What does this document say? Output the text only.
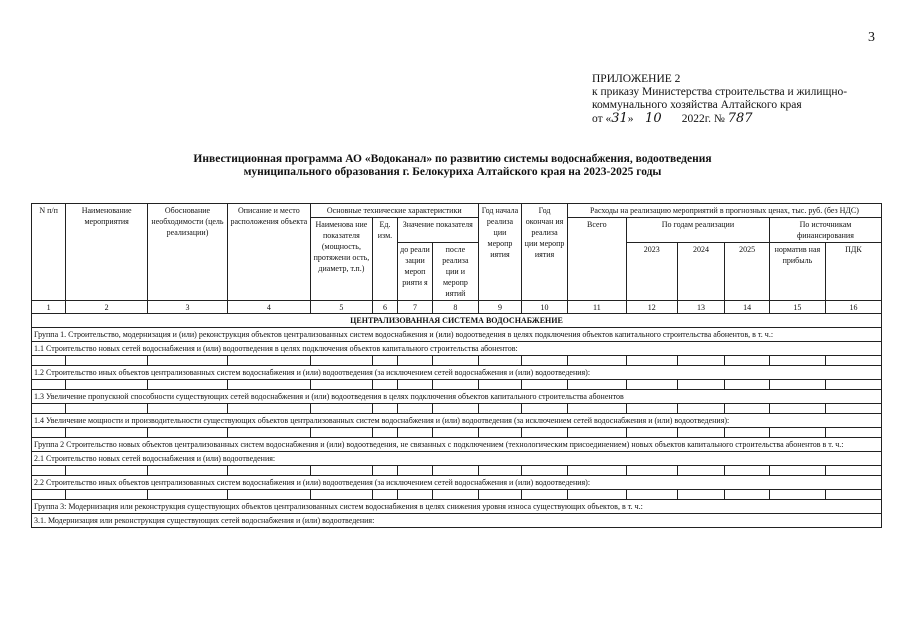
3
ПРИЛОЖЕНИЕ 2
к приказу Министерства строительства и жилищно-
коммунального хозяйства Алтайского края
от «31» 10 2022г. № 787
Инвестиционная программа АО «Водоканал» по развитию системы водоснабжения, водоотведения
муниципального образования г. Белокуриха Алтайского края на 2023-2025 годы
N п/п	Наименование мероприятия	Обоснование необходимости (цель реализации)	Описание и место расположения объекта	Основные технические характеристики				Год начала реализа ции меропр иятия	Год окончан ия реализа ции меропр иятия	Расходы на реализацию мероприятий в прогнозных ценах, тыс. руб. (без НДС)					
				Наименова ние показателя (мощность, протяжени ость, диаметр, т.п.)	Ед. изм.	Значение показателя				Всего	По годам реализации			По источникам финансирования	
						до реали зации мероп рияти я	после реализа ции и меропр иятий				2023	2024	2025	норматив ная прибыль	ПДК

1	2	3	4	5	6	7	8	9	10	11	12	13	14	15	16
ЦЕНТРАЛИЗОВАННАЯ СИСТЕМА ВОДОСНАБЖЕНИЕ															
Группа 1. Строительство, модернизация и (или) реконструкция объектов централизованных систем водоснабжения и (или) водоотведения в целях подключения объектов капитального строительства абонентов, в т. ч.:															
1.1 Строительство новых сетей водоснабжения и (или) водоотведения в целях подключения объектов капитального строительства абонентов:															

1.2 Строительство иных объектов централизованных систем водоснабжения и (или) водоотведения (за исключением сетей водоснабжения и (или) водоотведения):															

1.3 Увеличение пропускной способности существующих сетей водоснабжения и (или) водоотведения в целях подключения объектов капитального строительства абонентов															

1.4 Увеличение мощности и производительности существующих объектов централизованных систем водоснабжения и (или) водоотведения (за исключением сетей водоснабжения и (или) водоотведения):															

Группа 2 Строительство новых объектов централизованных систем водоснабжения и (или) водоотведения, не связанных с подключением (технологическим присоединением) новых объектов капитального строительства абонентов в т. ч.:															
2.1 Строительство новых сетей водоснабжения и (или) водоотведения:															

2.2 Строительство иных объектов централизованных систем водоснабжения и (или) водоотведения (за исключением сетей водоснабжения и (или) водоотведения):															

Группа 3: Модернизация или реконструкция существующих объектов централизованных систем водоснабжения в целях снижения уровня износа существующих объектов, в т. ч.:															
3.1. Модернизация или реконструкция существующих сетей водоснабжения и (или) водоотведения:															
